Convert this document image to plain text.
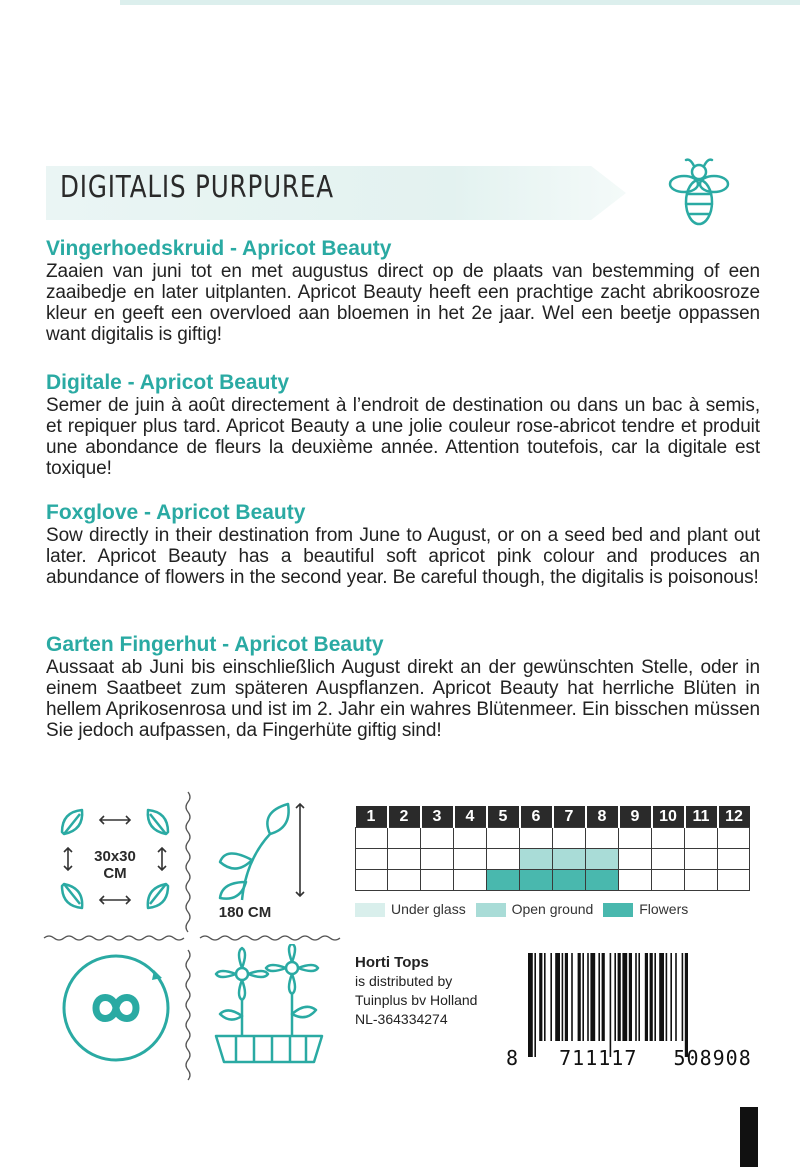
DIGITALIS PURPUREA
Vingerhoedskruid - Apricot Beauty

Zaaien van juni tot en met augustus direct op de plaats van bestemming of een zaaibedje en later uitplanten. Apricot Beauty heeft een prachtige zacht abrikoosroze kleur en geeft een overvloed aan bloemen in het 2e jaar. Wel een beetje oppassen want digitalis is giftig!

Digitale - Apricot Beauty

Semer de juin à août directement à l’endroit de destination ou dans un bac à semis, et repiquer plus tard. Apricot Beauty a une jolie couleur rose-abricot tendre et produit une abondance de fleurs la deuxième année. Attention toutefois, car la digitale est toxique!

Foxglove - Apricot Beauty

Sow directly in their destination from June to August, or on a seed bed and plant out later. Apricot Beauty has a beautiful soft apricot pink colour and produces an abundance of flowers in the second year. Be careful though, the digitalis is poisonous!

Garten Fingerhut - Apricot Beauty

Aussaat ab Juni bis einschließlich August direkt an der gewünschten Stelle, oder in einem Saatbeet zum späteren Auspflanzen. Apricot Beauty hat herrliche Blüten in hellem Aprikosenrosa und ist im 2. Jahr ein wahres Blütenmeer. Ein bisschen müssen Sie jedoch aufpassen, da Fingerhüte giftig sind!

30x30
CM
180 CM
1	2	3	4	5	6	7	8	9	10	11	12

Under glass	Open ground	Flowers
Horti Tops
is distributed by
Tuinplus bv Holland
NL-364334274
8 711117 508908
